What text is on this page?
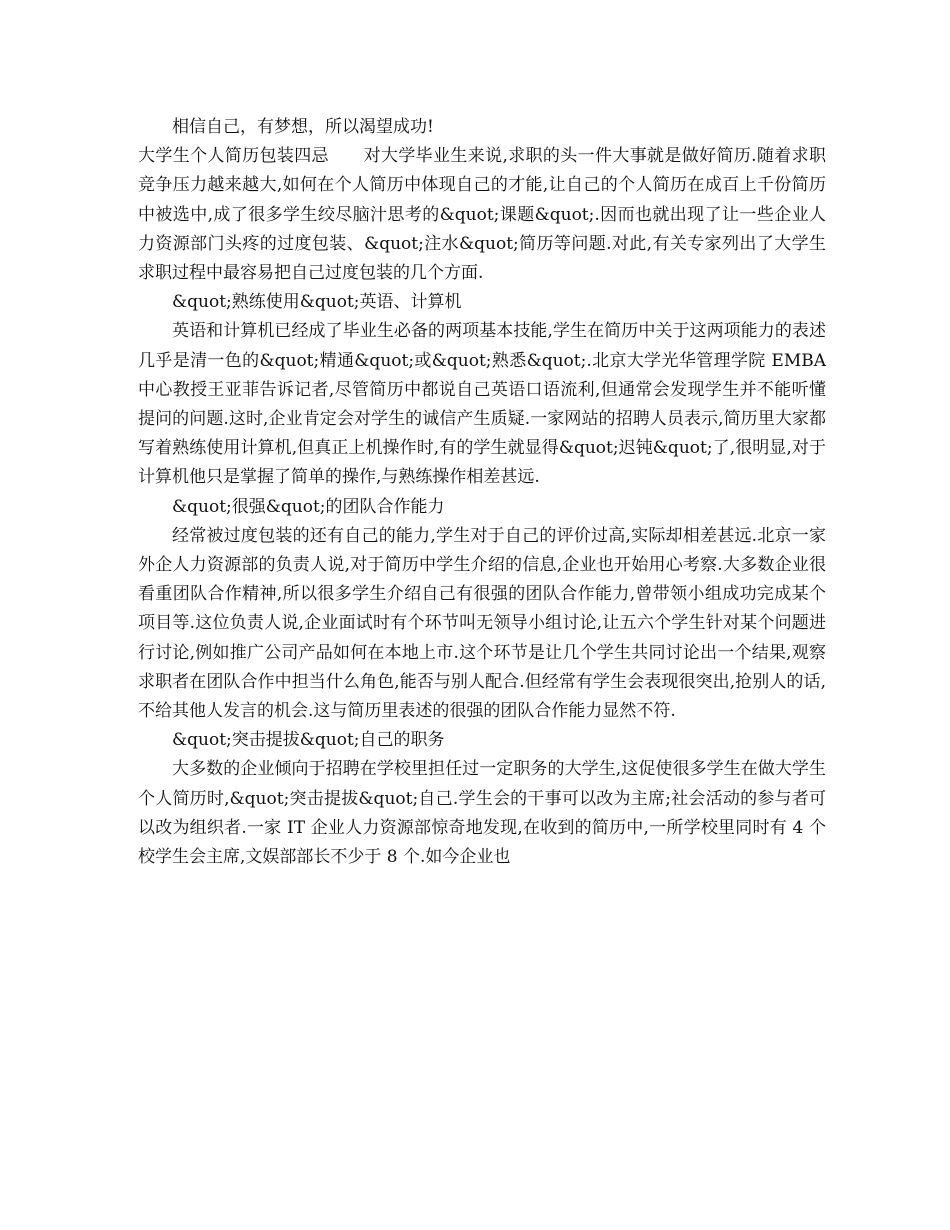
相信自己，有梦想，所以渴望成功!

大学生个人简历包装四忌　　对大学毕业生来说,求职的头一件大事就是做好简历.随着求职竞争压力越来越大,如何在个人简历中体现自己的才能,让自己的个人简历在成百上千份简历中被选中,成了很多学生绞尽脑汁思考的&quot;课题&quot;.因而也就出现了让一些企业人力资源部门头疼的过度包装、&quot;注水&quot;简历等问题.对此,有关专家列出了大学生求职过程中最容易把自己过度包装的几个方面.

&quot;熟练使用&quot;英语、计算机

英语和计算机已经成了毕业生必备的两项基本技能,学生在简历中关于这两项能力的表述几乎是清一色的&quot;精通&quot;或&quot;熟悉&quot;.北京大学光华管理学院 EMBA 中心教授王亚菲告诉记者,尽管简历中都说自己英语口语流利,但通常会发现学生并不能听懂提问的问题.这时,企业肯定会对学生的诚信产生质疑.一家网站的招聘人员表示,简历里大家都写着熟练使用计算机,但真正上机操作时,有的学生就显得&quot;迟钝&quot;了,很明显,对于计算机他只是掌握了简单的操作,与熟练操作相差甚远.

&quot;很强&quot;的团队合作能力

经常被过度包装的还有自己的能力,学生对于自己的评价过高,实际却相差甚远.北京一家外企人力资源部的负责人说,对于简历中学生介绍的信息,企业也开始用心考察.大多数企业很看重团队合作精神,所以很多学生介绍自己有很强的团队合作能力,曾带领小组成功完成某个项目等.这位负责人说,企业面试时有个环节叫无领导小组讨论,让五六个学生针对某个问题进行讨论,例如推广公司产品如何在本地上市.这个环节是让几个学生共同讨论出一个结果,观察求职者在团队合作中担当什么角色,能否与别人配合.但经常有学生会表现很突出,抢别人的话,不给其他人发言的机会.这与简历里表述的很强的团队合作能力显然不符.

&quot;突击提拔&quot;自己的职务

大多数的企业倾向于招聘在学校里担任过一定职务的大学生,这促使很多学生在做大学生个人简历时,&quot;突击提拔&quot;自己.学生会的干事可以改为主席;社会活动的参与者可以改为组织者.一家 IT 企业人力资源部惊奇地发现,在收到的简历中,一所学校里同时有 4 个校学生会主席,文娱部部长不少于 8 个.如今企业也
